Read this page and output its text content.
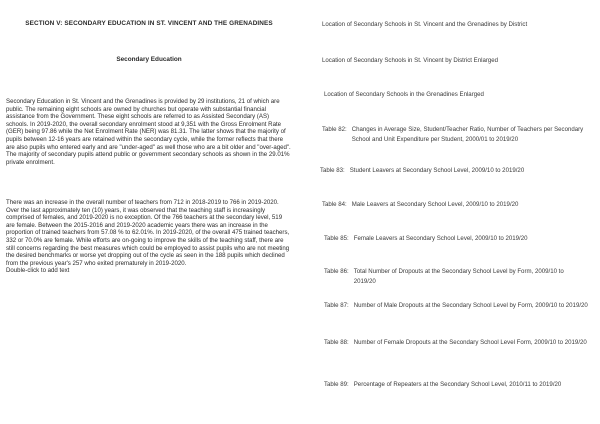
SECTION V: SECONDARY EDUCATION IN ST. VINCENT AND THE GRENADINES
Secondary Education

Secondary Education in St. Vincent and the Grenadines is provided by 29 institutions, 21 of which are public. The remaining eight schools are owned by churches but operate with substantial financial assistance from the Government. These eight schools are referred to as Assisted Secondary (AS) schools. In 2019-2020, the overall secondary enrolment stood at 9,351 with the Gross Enrolment Rate (GER) being 97.86 while the Net Enrolment Rate (NER) was 81.31. The latter shows that the majority of pupils between 12-16 years are retained within the secondary cycle, while the former reflects that there are also pupils who entered early and are "under-aged" as well those who are a bit older and "over-aged". The majority of secondary pupils attend public or government secondary schools as shown in the 29.01% private enrolment.

There was an increase in the overall number of teachers from 712 in 2018-2019 to 766 in 2019-2020. Over the last approximately ten (10) years, it was observed that the teaching staff is increasingly comprised of females, and 2019-2020 is no exception. Of the 766 teachers at the secondary level, 519 are female. Between the 2015-2016 and 2019-2020 academic years there was an increase in the proportion of trained teachers from 57.08 % to 62.01%. In 2019-2020, of the overall 475 trained teachers, 332 or 70.0% are female. While efforts are on-going to improve the skills of the teaching staff, there are still concerns regarding the best measures which could be employed to assist pupils who are not meeting the desired benchmarks or worse yet dropping out of the cycle as seen in the 188 pupils which declined from the previous year's 257 who exited prematurely in 2019-2020.
Double-click to add text
Location of Secondary Schools in St. Vincent and the Grenadines by District
Location of Secondary Schools in St. Vincent by District Enlarged
Location of Secondary Schools in the Grenadines Enlarged
Table 82: Changes in Average Size, Student/Teacher Ratio, Number of Teachers per Secondary School and Unit Expenditure per Student, 2000/01 to 2019/20
Table 83: Student Leavers at Secondary School Level, 2009/10 to 2019/20
Table 84: Male Leavers at Secondary School Level, 2009/10 to 2019/20
Table 85: Female Leavers at Secondary School Level, 2009/10 to 2019/20
Table 86: Total Number of Dropouts at the Secondary School Level by Form, 2009/10 to 2019/20
Table 87: Number of Male Dropouts at the Secondary School Level by Form, 2009/10 to 2019/20
Table 88: Number of Female Dropouts at the Secondary School Level Form, 2009/10 to 2019/20
Table 89: Percentage of Repeaters at the Secondary School Level, 2010/11 to 2019/20
